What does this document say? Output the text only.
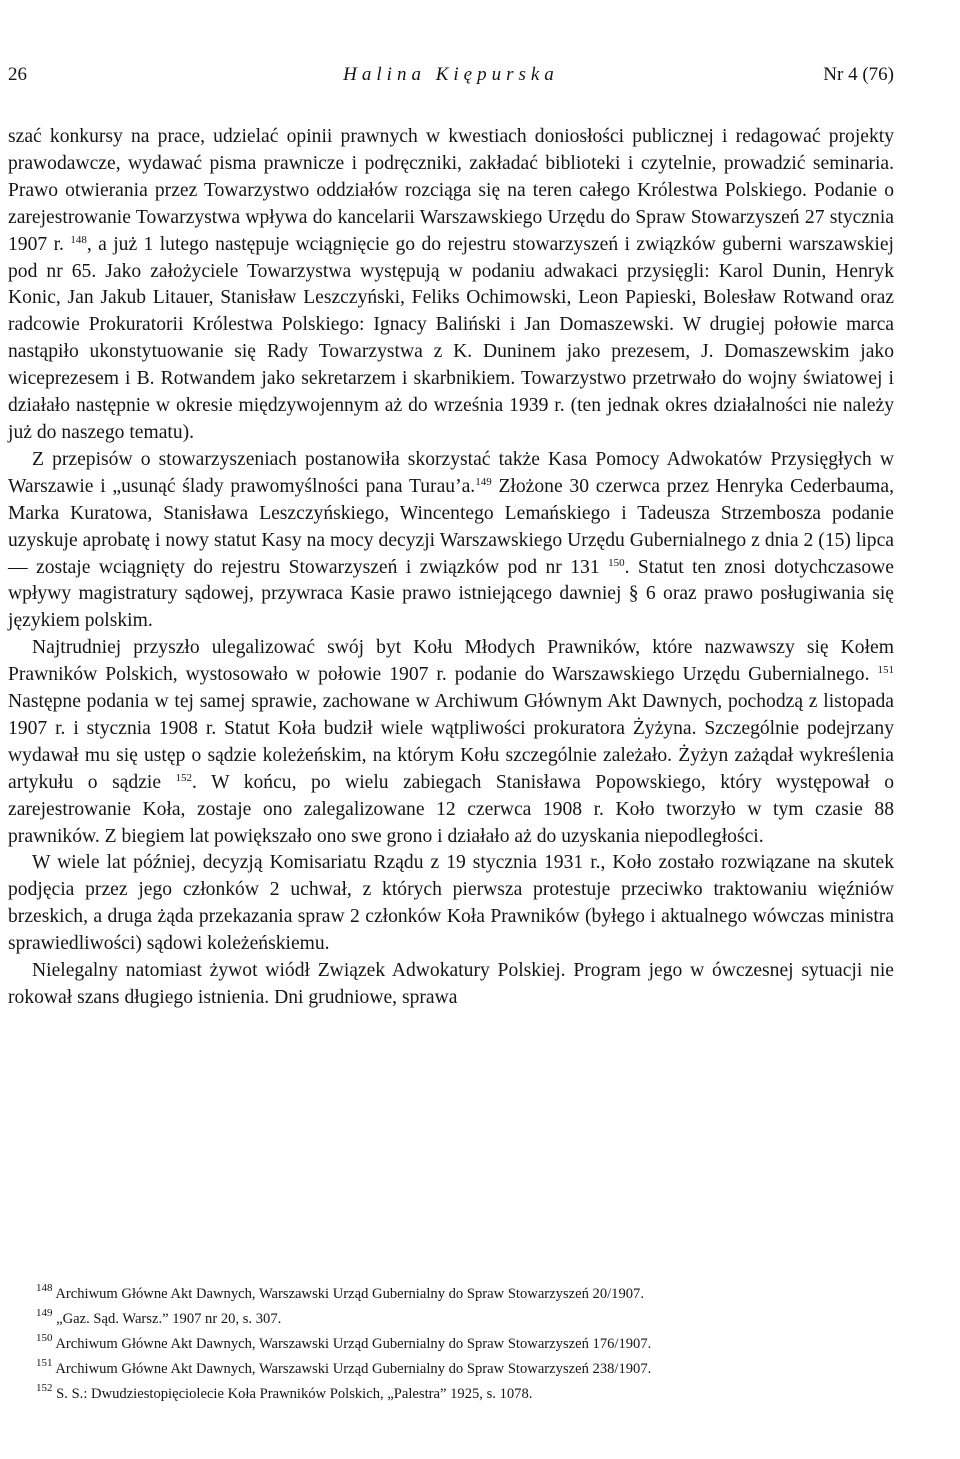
26	Halina Kiępurska	Nr 4 (76)

szać konkursy na prace, udzielać opinii prawnych w kwestiach doniosłości publicznej i redagować projekty prawodawcze, wydawać pisma prawnicze i podręczniki, zakładać biblioteki i czytelnie, prowadzić seminaria. Prawo otwierania przez Towarzystwo oddziałów rozciąga się na teren całego Królestwa Polskiego. Podanie o zarejestrowanie Towarzystwa wpływa do kancelarii Warszawskiego Urzędu do Spraw Stowarzyszeń 27 stycznia 1907 r. $^{148}$, a już 1 lutego następuje wciągnięcie go do rejestru stowarzyszeń i związków guberni warszawskiej pod nr 65. Jako założyciele Towarzystwa występują w podaniu adwakaci przysięgli: Karol Dunin, Henryk Konic, Jan Jakub Litauer, Stanisław Leszczyński, Feliks Ochimowski, Leon Papieski, Bolesław Rotwand oraz radcowie Prokuratorii Królestwa Polskiego: Ignacy Baliński i Jan Domaszewski. W drugiej połowie marca nastąpiło ukonstytuowanie się Rady Towarzystwa z K. Duninem jako prezesem, J. Domaszewskim jako wiceprezesem i B. Rotwandem jako sekretarzem i skarbnikiem. Towarzystwo przetrwało do wojny światowej i działało następnie w okresie międzywojennym aż do września 1939 r. (ten jednak okres działalności nie należy już do naszego tematu).

Z przepisów o stowarzyszeniach postanowiła skorzystać także Kasa Pomocy Adwokatów Przysięgłych w Warszawie i „usunąć ślady prawomyślności pana Turau’a.$^{149}$ Złożone 30 czerwca przez Henryka Cederbauma, Marka Kuratowa, Stanisława Leszczyńskiego, Wincentego Lemańskiego i Tadeusza Strzembosza podanie uzyskuje aprobatę i nowy statut Kasy na mocy decyzji Warszawskiego Urzędu Gubernialnego z dnia 2 (15) lipca — zostaje wciągnięty do rejestru Stowarzyszeń i związków pod nr 131 $^{150}$. Statut ten znosi dotychczasowe wpływy magistratury sądowej, przywraca Kasie prawo istniejącego dawniej § 6 oraz prawo posługiwania się językiem polskim.

Najtrudniej przyszło ulegalizować swój byt Kołu Młodych Prawników, które nazwawszy się Kołem Prawników Polskich, wystosowało w połowie 1907 r. podanie do Warszawskiego Urzędu Gubernialnego. $^{151}$ Następne podania w tej samej sprawie, zachowane w Archiwum Głównym Akt Dawnych, pochodzą z listopada 1907 r. i stycznia 1908 r. Statut Koła budził wiele wątpliwości prokuratora Żyżyna. Szczególnie podejrzany wydawał mu się ustęp o sądzie koleżeńskim, na którym Kołu szczególnie zależało. Żyżyn zażądał wykreślenia artykułu o sądzie $^{152}$. W końcu, po wielu zabiegach Stanisława Popowskiego, który występował o zarejestrowanie Koła, zostaje ono zalegalizowane 12 czerwca 1908 r. Koło tworzyło w tym czasie 88 prawników. Z biegiem lat powiększało ono swe grono i działało aż do uzyskania niepodległości.

W wiele lat później, decyzją Komisariatu Rządu z 19 stycznia 1931 r., Koło zostało rozwiązane na skutek podjęcia przez jego członków 2 uchwał, z których pierwsza protestuje przeciwko traktowaniu więźniów brzeskich, a druga żąda przekazania spraw 2 członków Koła Prawników (byłego i aktualnego wówczas ministra sprawiedliwości) sądowi koleżeńskiemu.

Nielegalny natomiast żywot wiódł Związek Adwokatury Polskiej. Program jego w ówczesnej sytuacji nie rokował szans długiego istnienia. Dni grudniowe, sprawa

$^{148}$ Archiwum Główne Akt Dawnych, Warszawski Urząd Gubernialny do Spraw Stowarzyszeń 20/1907.
$^{149}$ „Gaz. Sąd. Warsz.” 1907 nr 20, s. 307.
$^{150}$ Archiwum Główne Akt Dawnych, Warszawski Urząd Gubernialny do Spraw Stowarzyszeń 176/1907.
$^{151}$ Archiwum Główne Akt Dawnych, Warszawski Urząd Gubernialny do Spraw Stowarzyszeń 238/1907.
$^{152}$ S. S.: Dwudziestopięciolecie Koła Prawników Polskich, „Palestra” 1925, s. 1078.
